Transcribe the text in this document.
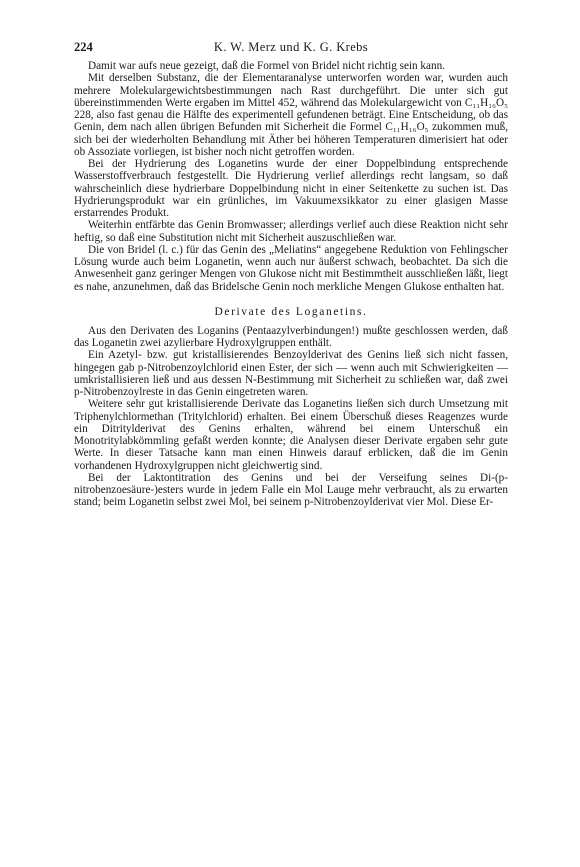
224	K. W. Merz und K. G. Krebs

Damit war aufs neue gezeigt, daß die Formel von Bridel nicht richtig sein kann.

Mit derselben Substanz, die der Elementaranalyse unterworfen worden war, wurden auch mehrere Molekulargewichtsbestimmungen nach Rast durchgeführt. Die unter sich gut übereinstimmenden Werte ergaben im Mittel 452, während das Molekulargewicht von C₁₁H₁₆O₅ 228, also fast genau die Hälfte des experimentell gefundenen beträgt. Eine Entscheidung, ob das Genin, dem nach allen übrigen Befunden mit Sicherheit die Formel C₁₁H₁₆O₅ zukommen muß, sich bei der wiederholten Behandlung mit Äther bei höheren Temperaturen dimerisiert hat oder ob Assoziate vorliegen, ist bisher noch nicht getroffen worden.

Bei der Hydrierung des Loganetins wurde der einer Doppelbindung entsprechende Wasserstoffverbrauch festgestellt. Die Hydrierung verlief allerdings recht langsam, so daß wahrscheinlich diese hydrierbare Doppelbindung nicht in einer Seitenkette zu suchen ist. Das Hydrierungsprodukt war ein grünliches, im Vakuumexsikkator zu einer glasigen Masse erstarrendes Produkt.

Weiterhin entfärbte das Genin Bromwasser; allerdings verlief auch diese Reaktion nicht sehr heftig, so daß eine Substitution nicht mit Sicherheit auszuschließen war.

Die von Bridel (l. c.) für das Genin des „Meliatins“ angegebene Reduktion von Fehlingscher Lösung wurde auch beim Loganetin, wenn auch nur äußerst schwach, beobachtet. Da sich die Anwesenheit ganz geringer Mengen von Glukose nicht mit Bestimmtheit ausschließen läßt, liegt es nahe, anzunehmen, daß das Bridelsche Genin noch merkliche Mengen Glukose enthalten hat.

Derivate des Loganetins.

Aus den Derivaten des Loganins (Pentaazylverbindungen!) mußte geschlossen werden, daß das Loganetin zwei azylierbare Hydroxylgruppen enthält.

Ein Azetyl- bzw. gut kristallisierendes Benzoylderivat des Genins ließ sich nicht fassen, hingegen gab p-Nitrobenzoylchlorid einen Ester, der sich — wenn auch mit Schwierigkeiten — umkristallisieren ließ und aus dessen N-Bestimmung mit Sicherheit zu schließen war, daß zwei p-Nitrobenzoylreste in das Genin eingetreten waren.

Weitere sehr gut kristallisierende Derivate das Loganetins ließen sich durch Umsetzung mit Triphenylchlormethan (Tritylchlorid) erhalten. Bei einem Überschuß dieses Reagenzes wurde ein Ditritylderivat des Genins erhalten, während bei einem Unterschuß ein Monotritylabkömmling gefaßt werden konnte; die Analysen dieser Derivate ergaben sehr gute Werte. In dieser Tatsache kann man einen Hinweis darauf erblicken, daß die im Genin vorhandenen Hydroxylgruppen nicht gleichwertig sind.

Bei der Laktontitration des Genins und bei der Verseifung seines Di-(p-nitrobenzoesäure-)esters wurde in jedem Falle ein Mol Lauge mehr verbraucht, als zu erwarten stand; beim Loganetin selbst zwei Mol, bei seinem p-Nitrobenzoylderivat vier Mol. Diese Er-
